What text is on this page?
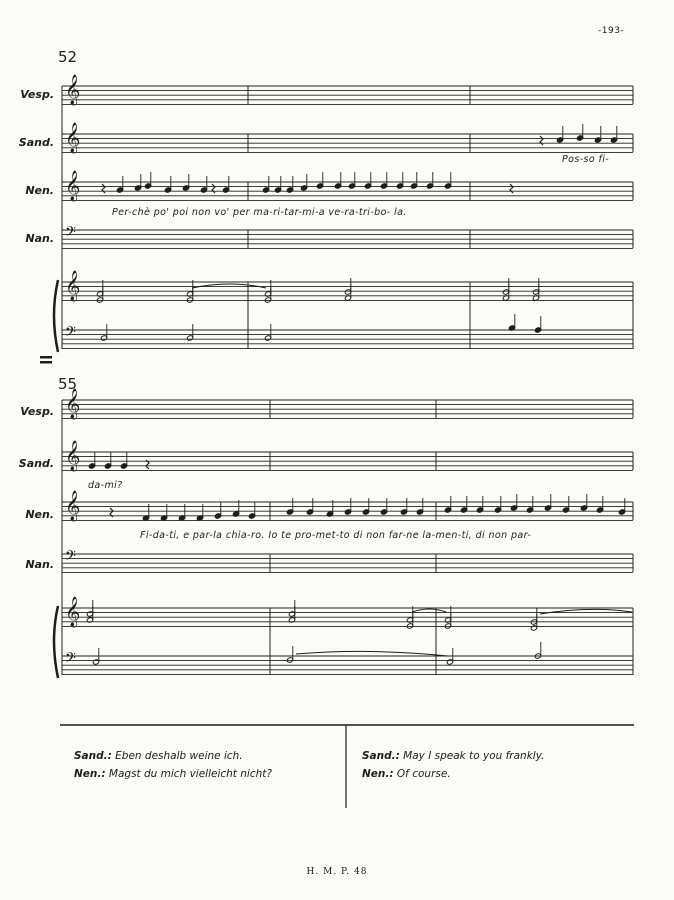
-193-
𝄞
𝄞
𝄞
𝄢
𝄞
𝄢
𝄞
𝄞
𝄞
𝄢
𝄞
𝄢
52
Vesp.
Sand.
Nen.
Nan.
Pos-so fi-
Per-chè po' poi non vo' per ma-ri-tar-mi-a ve-ra-tri-bo- la.
55
Vesp.
Sand.
Nen.
Nan.
da-mi?
Fi-da-ti, e par-la chia-ro. Io te pro-met-to di non far-ne la-men-ti, di non par-
Sand.: Eben deshalb weine ich.
Nen.: Magst du mich vielleicht nicht?
Sand.: May I speak to you frankly.
Nen.: Of course.
H. M. P. 48
